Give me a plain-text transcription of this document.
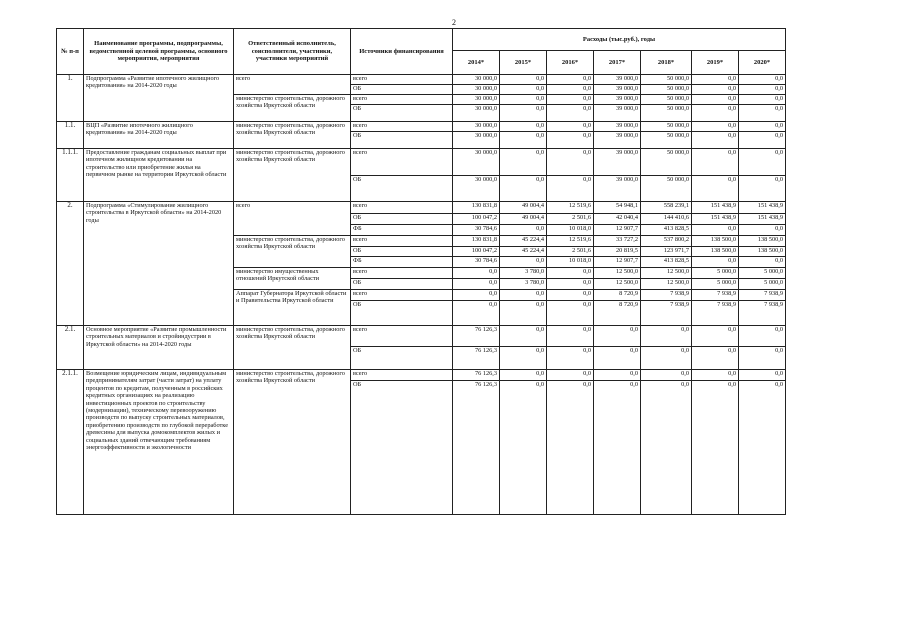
2
№ п-п	Наименование программы, подпрограммы, ведомственной целевой программы, основного мероприятия, мероприятия	Ответственный исполнитель, соисполнители, участники, участники мероприятий	Источники финансирования	Расходы (тыс.руб.), годы						
				2014*	2015*	2016*	2017*	2018*	2019*	2020*
1.	Подпрограмма «Развитие ипотечного жилищного кредитования» на 2014-2020 годы	всего	всего	30 000,0	0,0	0,0	39 000,0	50 000,0	0,0	0,0
			ОБ	30 000,0	0,0	0,0	39 000,0	50 000,0	0,0	0,0
		министерство строительства, дорожного хозяйства Иркутской области	всего	30 000,0	0,0	0,0	39 000,0	50 000,0	0,0	0,0
			ОБ	30 000,0	0,0	0,0	39 000,0	50 000,0	0,0	0,0
1.1.	ВЦП «Развитие ипотечного жилищного кредитования» на 2014-2020 годы	министерство строительства, дорожного хозяйства Иркутской области	всего	30 000,0	0,0	0,0	39 000,0	50 000,0	0,0	0,0
			ОБ	30 000,0	0,0	0,0	39 000,0	50 000,0	0,0	0,0
1.1.1.	Предоставление гражданам социальных выплат при ипотечном жилищном кредитовании на строительство или приобретение жилья на первичном рынке на территории Иркутской области	министерство строительства, дорожного хозяйства Иркутской области	всего	30 000,0	0,0	0,0	39 000,0	50 000,0	0,0	0,0
			ОБ	30 000,0	0,0	0,0	39 000,0	50 000,0	0,0	0,0
2.	Подпрограмма «Стимулирование жилищного строительства в Иркутской области» на 2014-2020 годы	всего	всего	130 831,8	49 004,4	12 519,6	54 948,1	558 239,1	151 438,9	151 438,9
			ОБ	100 047,2	49 004,4	2 501,6	42 040,4	144 410,6	151 438,9	151 438,9
			ФБ	30 784,6	0,0	10 018,0	12 907,7	413 828,5	0,0	0,0
		министерство строительства, дорожного хозяйства Иркутской области	всего	130 831,8	45 224,4	12 519,6	33 727,2	537 800,2	138 500,0	138 500,0
			ОБ	100 047,2	45 224,4	2 501,6	20 819,5	123 971,7	138 500,0	138 500,0
			ФБ	30 784,6	0,0	10 018,0	12 907,7	413 828,5	0,0	0,0
		министерство имущественных отношений Иркутской области	всего	0,0	3 780,0	0,0	12 500,0	12 500,0	5 000,0	5 000,0
			ОБ	0,0	3 780,0	0,0	12 500,0	12 500,0	5 000,0	5 000,0
		Аппарат Губернатора Иркутской области и Правительства Иркутской области	всего	0,0	0,0	0,0	8 720,9	7 938,9	7 938,9	7 938,9
			ОБ	0,0	0,0	0,0	8 720,9	7 938,9	7 938,9	7 938,9
2.1.	Основное мероприятие «Развитие промышленности строительных материалов и стройиндустрии в Иркутской области» на 2014-2020 годы	министерство строительства, дорожного хозяйства Иркутской области	всего	76 126,3	0,0	0,0	0,0	0,0	0,0	0,0
			ОБ	76 126,3	0,0	0,0	0,0	0,0	0,0	0,0
2.1.1.	Возмещение юридическим лицам, индивидуальным предпринимателям затрат (части затрат) на уплату процентов по кредитам, полученным в российских кредитных организациях на реализацию инвестиционных проектов по строительству (модернизации), техническому перевооружению производств по выпуску строительных материалов, приобретению производств по глубокой переработке древесины для выпуска домокомплектов жилых и социальных зданий отвечающим требованиям энергоэффективности и экологичности	министерство строительства, дорожного хозяйства Иркутской области	всего	76 126,3	0,0	0,0	0,0	0,0	0,0	0,0
			ОБ	76 126,3	0,0	0,0	0,0	0,0	0,0	0,0
